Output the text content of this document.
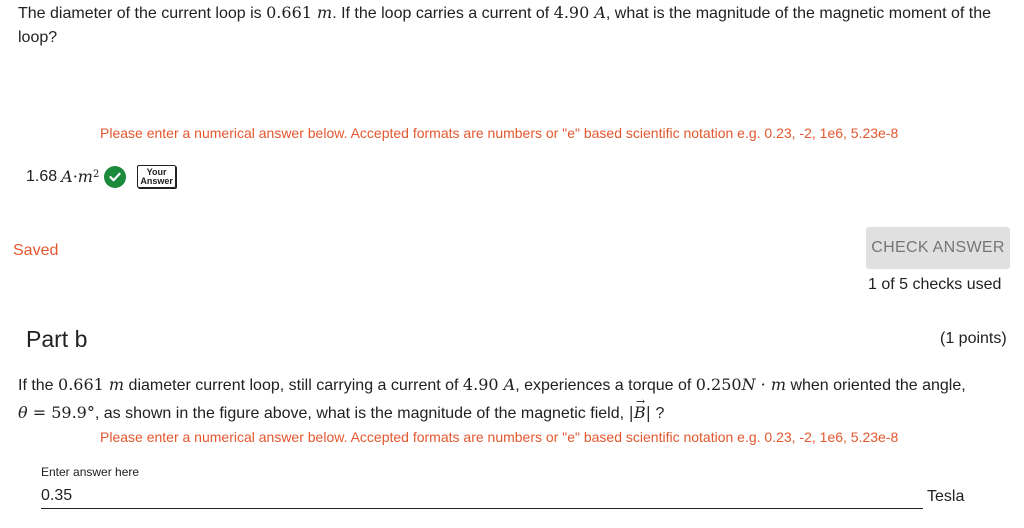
The diameter of the current loop is 0.661 m. If the loop carries a current of 4.90 A, what is the magnitude of the magnetic moment of the loop?
Please enter a numerical answer below. Accepted formats are numbers or "e" based scientific notation e.g. 0.23, -2, 1e6, 5.23e-8
1.68 $A \cdot m^2$	Your
Answer
Saved	CHECK ANSWER
1 of 5 checks used
Part b	(1 points)
If the 0.661 m diameter current loop, still carrying a current of 4.90 A, experiences a torque of 0.250N · m when oriented the angle,
θ = 59.9°, as shown in the figure above, what is the magnitude of the magnetic field, |→ B| ?
Please enter a numerical answer below. Accepted formats are numbers or "e" based scientific notation e.g. 0.23, -2, 1e6, 5.23e-8
Enter answer here
0.35
Tesla
